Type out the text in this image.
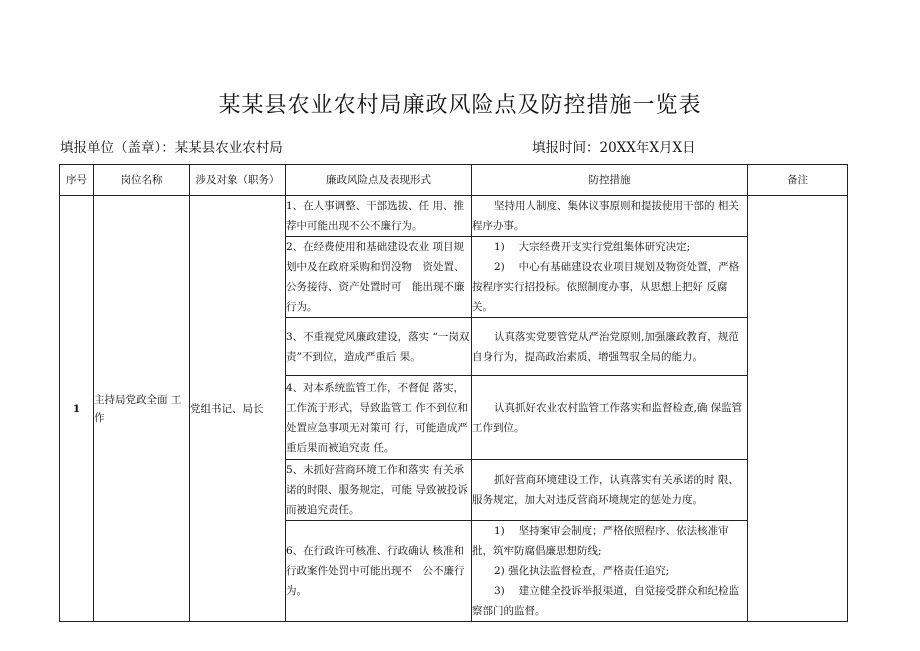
某某县农业农村局廉政风险点及防控措施一览表
填报单位（盖章）：某某县农业农村局	填报时间：20XX年X月X日
序号	岗位名称	涉及对象（职务）	廉政风险点及表现形式	防控措施	备注
1	主持局党政全面 工作	党组书记、局长	1、在人事调整、干部选拔、任 用、推荐中可能出现不公不廉行为。	坚持用人制度、集体议事原则和提拔使用干部的 相关程序办事。	

			2、在经费使用和基础建设农业 项目规划中及在政府采购和罚没物　资处置、公务接待、资产处置时可　能出现不廉行为。	1)　 大宗经费开支实行党组集体研究决定;
2)　 中心有基础建设农业项目规划及物资处置，严格按程序实行招投标。依照制度办事，从思想上把好 反腐关。	

			3、不重视党风廉政建设，落实 “一岗双责”不到位，造成严重后 果。	认真落实党要管党从严治党原则,加强廉政教育，规范自身行为，提高政治素质，增强驾驭全局的能力。	

			4、对本系统监管工作，不督促 落实，工作流于形式，导致监管工 作不到位和处置应急事项无对策可 行，可能造成严重后果而被追究责 任。	认真抓好农业农村监管工作落实和监督检查,确 保监管工作到位。	

			5、未抓好营商环境工作和落实 有关承诺的时限、服务规定，可能 导致被投诉而被追究责任。	抓好营商环境建设工作，认真落实有关承诺的时 限、服务规定，加大对违反营商环境规定的惩处力度。	

			6、在行政许可核准、行政确认 核准和行政案件处罚中可能出现不　公不廉行为。	1)　 坚持案审会制度；严格依照程序、依法核准审批，筑牢防腐倡廉思想防线;
2) 强化执法监督检查，严格责任追究;
3)　 建立健全投诉举报渠道，自觉接受群众和纪检监察部门的监督。	
